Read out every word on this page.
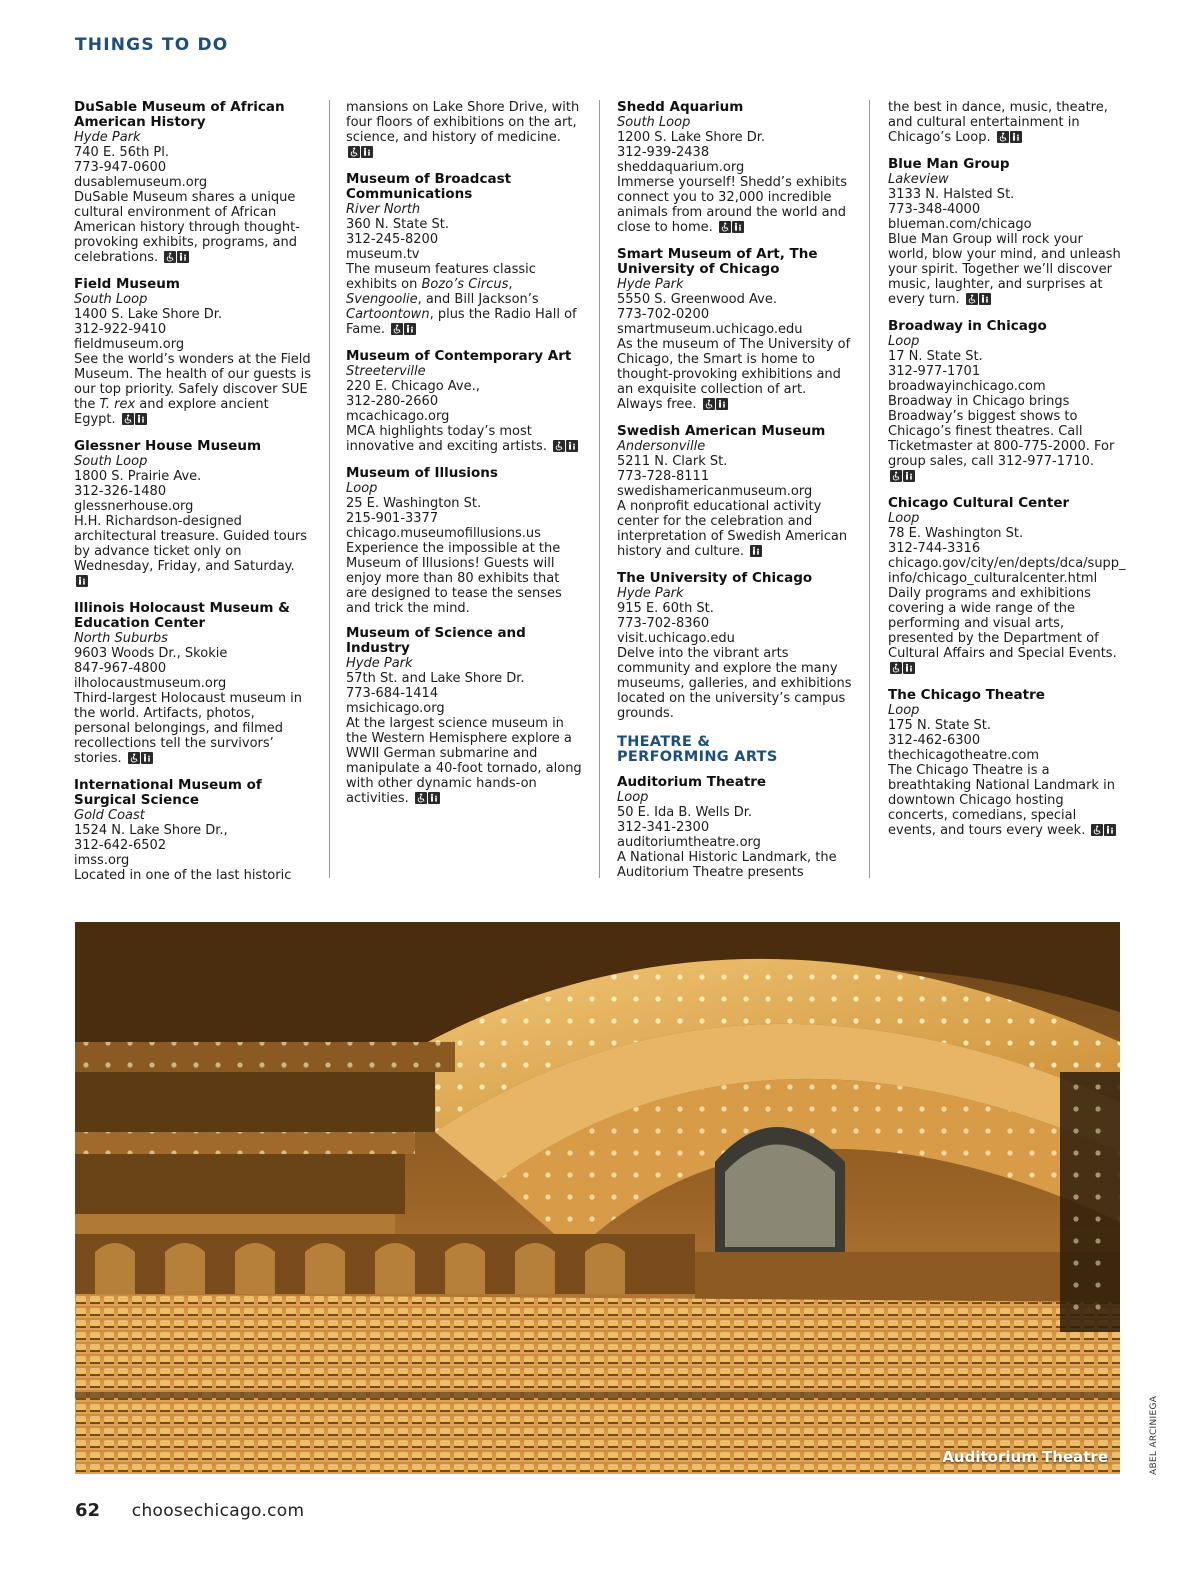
THINGS TO DO
DuSable Museum of African American History
Hyde Park
740 E. 56th Pl.
773-947-0600
dusablemuseum.org
DuSable Museum shares a unique cultural environment of African American history through thought-provoking exhibits, programs, and celebrations.
Field Museum
South Loop
1400 S. Lake Shore Dr.
312-922-9410
fieldmuseum.org
See the world’s wonders at the Field Museum. The health of our guests is our top priority. Safely discover SUE the T. rex and explore ancient Egypt.
Glessner House Museum
South Loop
1800 S. Prairie Ave.
312-326-1480
glessnerhouse.org
H.H. Richardson-designed architectural treasure. Guided tours by advance ticket only on Wednesday, Friday, and Saturday.
Illinois Holocaust Museum & Education Center
North Suburbs
9603 Woods Dr., Skokie
847-967-4800
ilholocaustmuseum.org
Third-largest Holocaust museum in the world. Artifacts, photos, personal belongings, and filmed recollections tell the survivors’ stories.
International Museum of Surgical Science
Gold Coast
1524 N. Lake Shore Dr.,
312-642-6502
imss.org
Located in one of the last historic
mansions on Lake Shore Drive, with four floors of exhibitions on the art, science, and history of medicine.
Museum of Broadcast Communications
River North
360 N. State St.
312-245-8200
museum.tv
The museum features classic exhibits on Bozo’s Circus, Svengoolie, and Bill Jackson’s Cartoontown, plus the Radio Hall of Fame.
Museum of Contemporary Art
Streeterville
220 E. Chicago Ave.,
312-280-2660
mcachicago.org
MCA highlights today’s most innovative and exciting artists.
Museum of Illusions
Loop
25 E. Washington St.
215-901-3377
chicago.museumofillusions.us
Experience the impossible at the Museum of Illusions! Guests will enjoy more than 80 exhibits that are designed to tease the senses and trick the mind.
Museum of Science and Industry
Hyde Park
57th St. and Lake Shore Dr.
773-684-1414
msichicago.org
At the largest science museum in the Western Hemisphere explore a WWII German submarine and manipulate a 40-foot tornado, along with other dynamic hands-on activities.
Shedd Aquarium
South Loop
1200 S. Lake Shore Dr.
312-939-2438
sheddaquarium.org
Immerse yourself! Shedd’s exhibits connect you to 32,000 incredible animals from around the world and close to home.
Smart Museum of Art, The University of Chicago
Hyde Park
5550 S. Greenwood Ave.
773-702-0200
smartmuseum.uchicago.edu
As the museum of The University of Chicago, the Smart is home to thought-provoking exhibitions and an exquisite collection of art. Always free.
Swedish American Museum
Andersonville
5211 N. Clark St.
773-728-8111
swedishamericanmuseum.org
A nonprofit educational activity center for the celebration and interpretation of Swedish American history and culture.
The University of Chicago
Hyde Park
915 E. 60th St.
773-702-8360
visit.uchicago.edu
Delve into the vibrant arts community and explore the many museums, galleries, and exhibitions located on the university’s campus grounds.
THEATRE & PERFORMING ARTS
Auditorium Theatre
Loop
50 E. Ida B. Wells Dr.
312-341-2300
auditoriumtheatre.org
A National Historic Landmark, the Auditorium Theatre presents
the best in dance, music, theatre, and cultural entertainment in Chicago’s Loop.
Blue Man Group
Lakeview
3133 N. Halsted St.
773-348-4000
blueman.com/chicago
Blue Man Group will rock your world, blow your mind, and unleash your spirit. Together we’ll discover music, laughter, and surprises at every turn.
Broadway in Chicago
Loop
17 N. State St.
312-977-1701
broadwayinchicago.com
Broadway in Chicago brings Broadway’s biggest shows to Chicago’s finest theatres. Call Ticketmaster at 800-775-2000. For group sales, call 312-977-1710.
Chicago Cultural Center
Loop
78 E. Washington St.
312-744-3316
chicago.gov/city/en/depts/dca/supp_info/chicago_culturalcenter.html
Daily programs and exhibitions covering a wide range of the performing and visual arts, presented by the Department of Cultural Affairs and Special Events.
The Chicago Theatre
Loop
175 N. State St.
312-462-6300
thechicagotheatre.com
The Chicago Theatre is a breathtaking National Landmark in downtown Chicago hosting concerts, comedians, special events, and tours every week.
Auditorium Theatre	ABEL ARCINIEGA
62 choosechicago.com
